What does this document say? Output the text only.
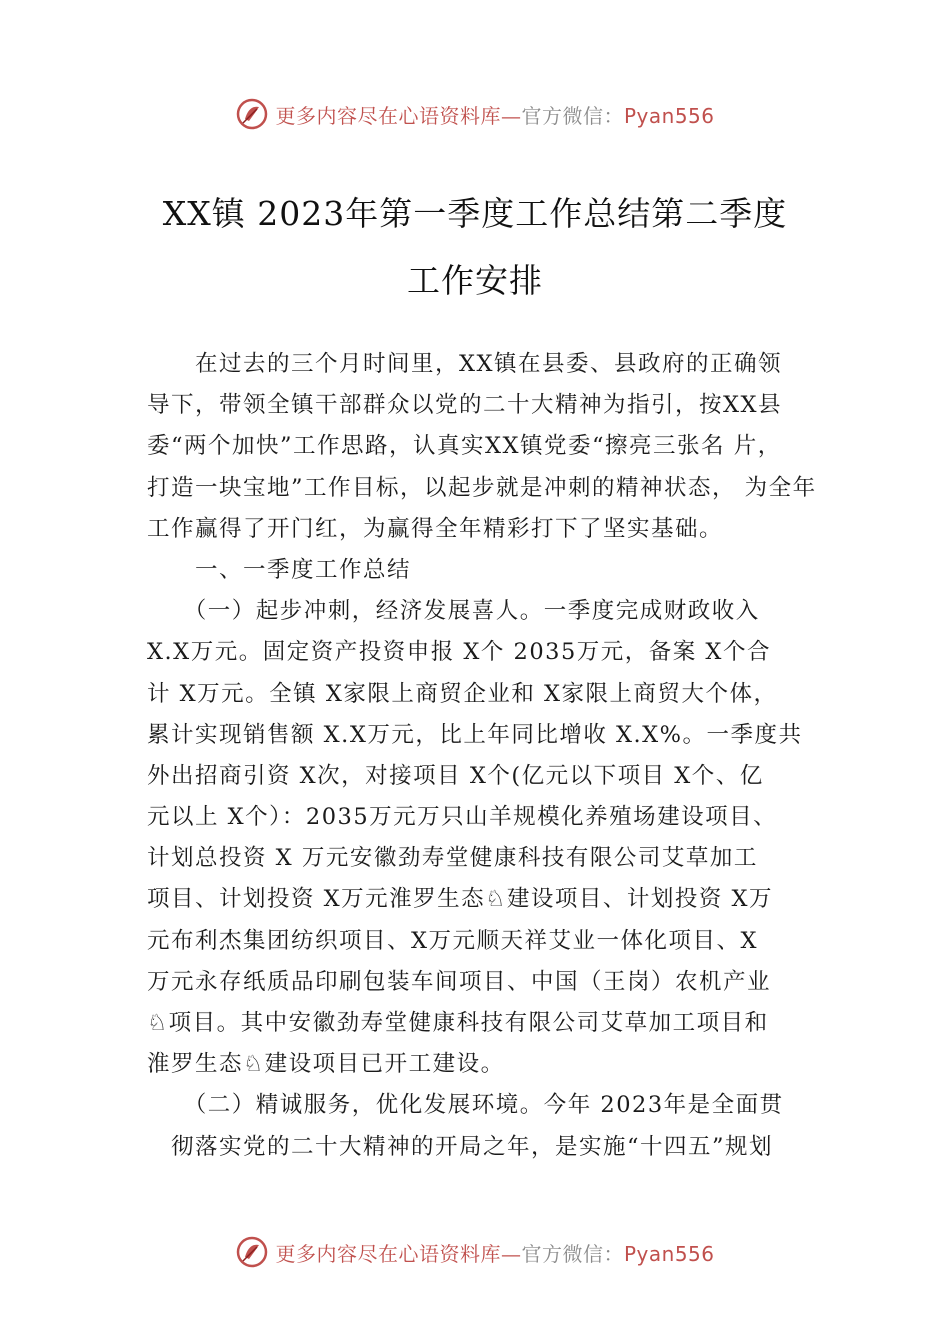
更多内容尽在心语资料库—官方微信：Pyan556
XX镇 2023年第一季度工作总结第二季度
工作安排
　　在过去的三个月时间里，XX镇在县委、县政府的正确领
导下，带领全镇干部群众以党的二十大精神为指引，按XX县
委“两个加快”工作思路，认真实XX镇党委“擦亮三张名 片，
打造一块宝地”工作目标，以起步就是冲刺的精神状态， 为全年
工作赢得了开门红，为赢得全年精彩打下了坚实基础。
　　一、一季度工作总结
　　（一）起步冲刺，经济发展喜人。一季度完成财政收入
X.X万元。固定资产投资申报 X个 2035万元，备案 X个合
计 X万元。全镇 X家限上商贸企业和 X家限上商贸大个体，
累计实现销售额 X.X万元，比上年同比增收 X.X%。一季度共
外出招商引资 X次，对接项目 X个(亿元以下项目 X个、亿
元以上 X个）：2035万元万只山羊规模化养殖场建设项目、
计划总投资 X 万元安徽劲寿堂健康科技有限公司艾草加工
项目、计划投资 X万元淮罗生态♘建设项目、计划投资 X万
元布利杰集团纺织项目、X万元顺天祥艾业一体化项目、X
万元永存纸质品印刷包装车间项目、中国（王岗）农机产业
♘项目。其中安徽劲寿堂健康科技有限公司艾草加工项目和
淮罗生态♘建设项目已开工建设。
　　（二）精诚服务，优化发展环境。今年 2023年是全面贯
　彻落实党的二十大精神的开局之年，是实施“十四五”规划
更多内容尽在心语资料库—官方微信：Pyan556
